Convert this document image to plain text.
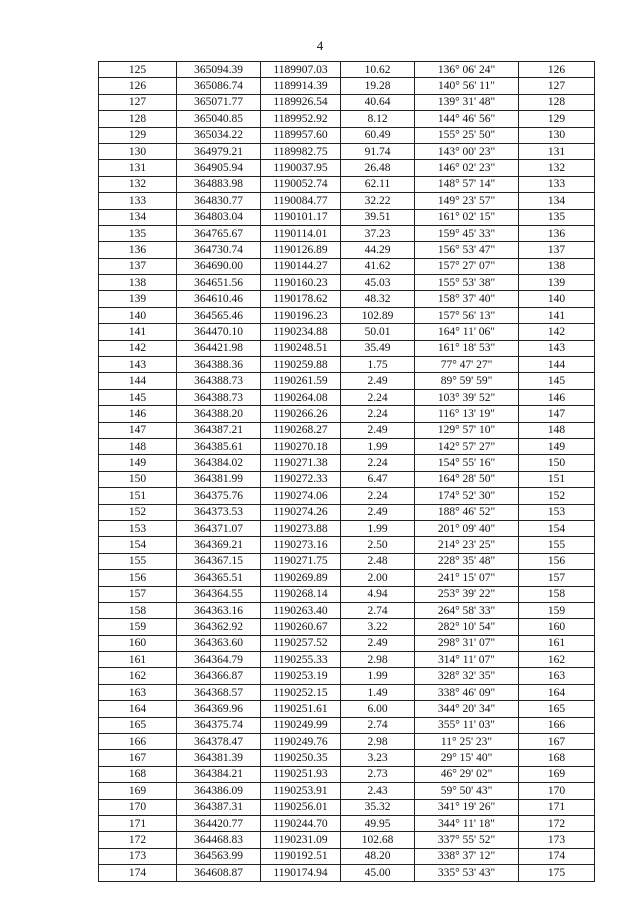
4
125	365094.39	1189907.03	10.62	136° 06' 24"	126
126	365086.74	1189914.39	19.28	140° 56' 11"	127
127	365071.77	1189926.54	40.64	139° 31' 48"	128
128	365040.85	1189952.92	8.12	144° 46' 56"	129
129	365034.22	1189957.60	60.49	155° 25' 50"	130
130	364979.21	1189982.75	91.74	143° 00' 23"	131
131	364905.94	1190037.95	26.48	146° 02' 23"	132
132	364883.98	1190052.74	62.11	148° 57' 14"	133
133	364830.77	1190084.77	32.22	149° 23' 57"	134
134	364803.04	1190101.17	39.51	161° 02' 15"	135
135	364765.67	1190114.01	37.23	159° 45' 33"	136
136	364730.74	1190126.89	44.29	156° 53' 47"	137
137	364690.00	1190144.27	41.62	157° 27' 07"	138
138	364651.56	1190160.23	45.03	155° 53' 38"	139
139	364610.46	1190178.62	48.32	158° 37' 40"	140
140	364565.46	1190196.23	102.89	157° 56' 13"	141
141	364470.10	1190234.88	50.01	164° 11' 06"	142
142	364421.98	1190248.51	35.49	161° 18' 53"	143
143	364388.36	1190259.88	1.75	77° 47' 27"	144
144	364388.73	1190261.59	2.49	89° 59' 59"	145
145	364388.73	1190264.08	2.24	103° 39' 52"	146
146	364388.20	1190266.26	2.24	116° 13' 19"	147
147	364387.21	1190268.27	2.49	129° 57' 10"	148
148	364385.61	1190270.18	1.99	142° 57' 27"	149
149	364384.02	1190271.38	2.24	154° 55' 16"	150
150	364381.99	1190272.33	6.47	164° 28' 50"	151
151	364375.76	1190274.06	2.24	174° 52' 30"	152
152	364373.53	1190274.26	2.49	188° 46' 52"	153
153	364371.07	1190273.88	1.99	201° 09' 40"	154
154	364369.21	1190273.16	2.50	214° 23' 25"	155
155	364367.15	1190271.75	2.48	228° 35' 48"	156
156	364365.51	1190269.89	2.00	241° 15' 07"	157
157	364364.55	1190268.14	4.94	253° 39' 22"	158
158	364363.16	1190263.40	2.74	264° 58' 33"	159
159	364362.92	1190260.67	3.22	282° 10' 54"	160
160	364363.60	1190257.52	2.49	298° 31' 07"	161
161	364364.79	1190255.33	2.98	314° 11' 07"	162
162	364366.87	1190253.19	1.99	328° 32' 35"	163
163	364368.57	1190252.15	1.49	338° 46' 09"	164
164	364369.96	1190251.61	6.00	344° 20' 34"	165
165	364375.74	1190249.99	2.74	355° 11' 03"	166
166	364378.47	1190249.76	2.98	11° 25' 23"	167
167	364381.39	1190250.35	3.23	29° 15' 40"	168
168	364384.21	1190251.93	2.73	46° 29' 02"	169
169	364386.09	1190253.91	2.43	59° 50' 43"	170
170	364387.31	1190256.01	35.32	341° 19' 26"	171
171	364420.77	1190244.70	49.95	344° 11' 18"	172
172	364468.83	1190231.09	102.68	337° 55' 52"	173
173	364563.99	1190192.51	48.20	338° 37' 12"	174
174	364608.87	1190174.94	45.00	335° 53' 43"	175
